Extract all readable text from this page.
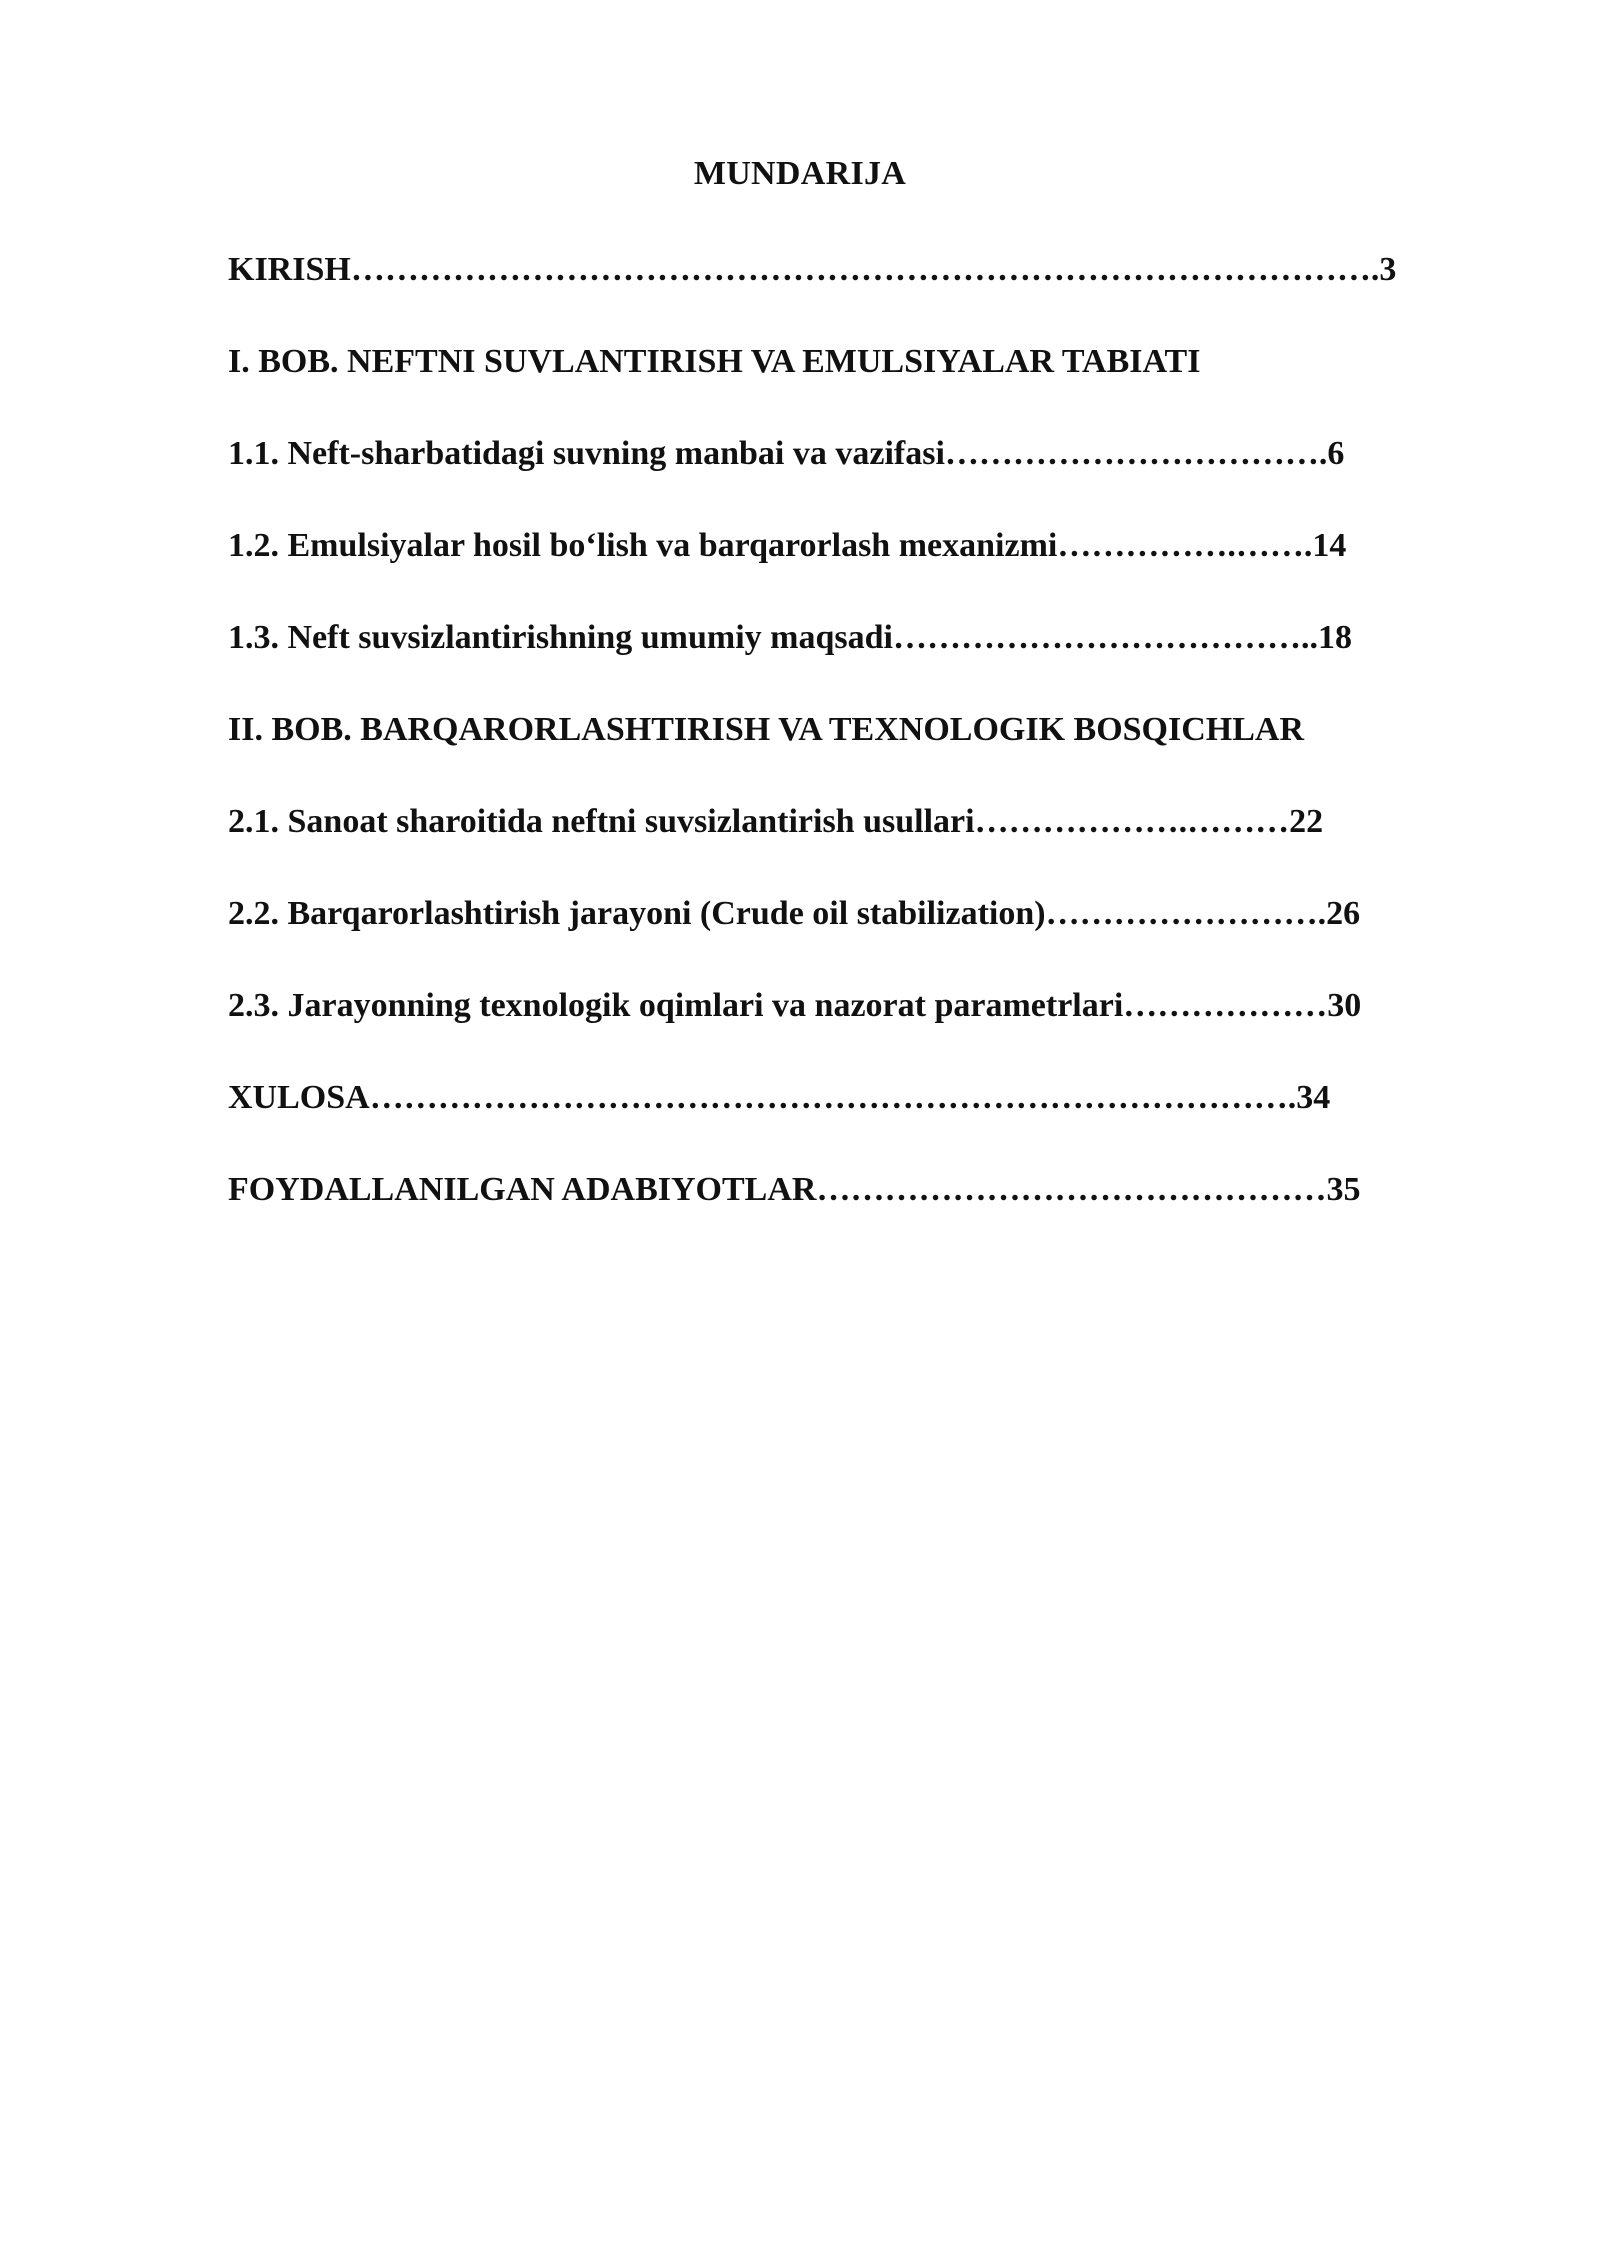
MUNDARIJA
KIRISH……………………………………………………………………………….3
I. BOB. NEFTNI SUVLANTIRISH VA EMULSIYALAR TABIATI
1.1. Neft-sharbatidagi suvning manbai va vazifasi…………………………….6
1.2. Emulsiyalar hosil bo‘lish va barqarorlash mexanizmi…………….…….14
1.3. Neft suvsizlantirishning umumiy maqsadi………………………………..18
II. BOB. BARQARORLASHTIRISH VA TEXNOLOGIK BOSQICHLAR
2.1. Sanoat sharoitida neftni suvsizlantirish usullari……………….………22
2.2. Barqarorlashtirish jarayoni (Crude oil stabilization)…………………….26
2.3. Jarayonning texnologik oqimlari va nazorat parametrlari………………30
XULOSA……………………………………………………………………….34
FOYDALLANILGAN ADABIYOTLAR………………………………………35
